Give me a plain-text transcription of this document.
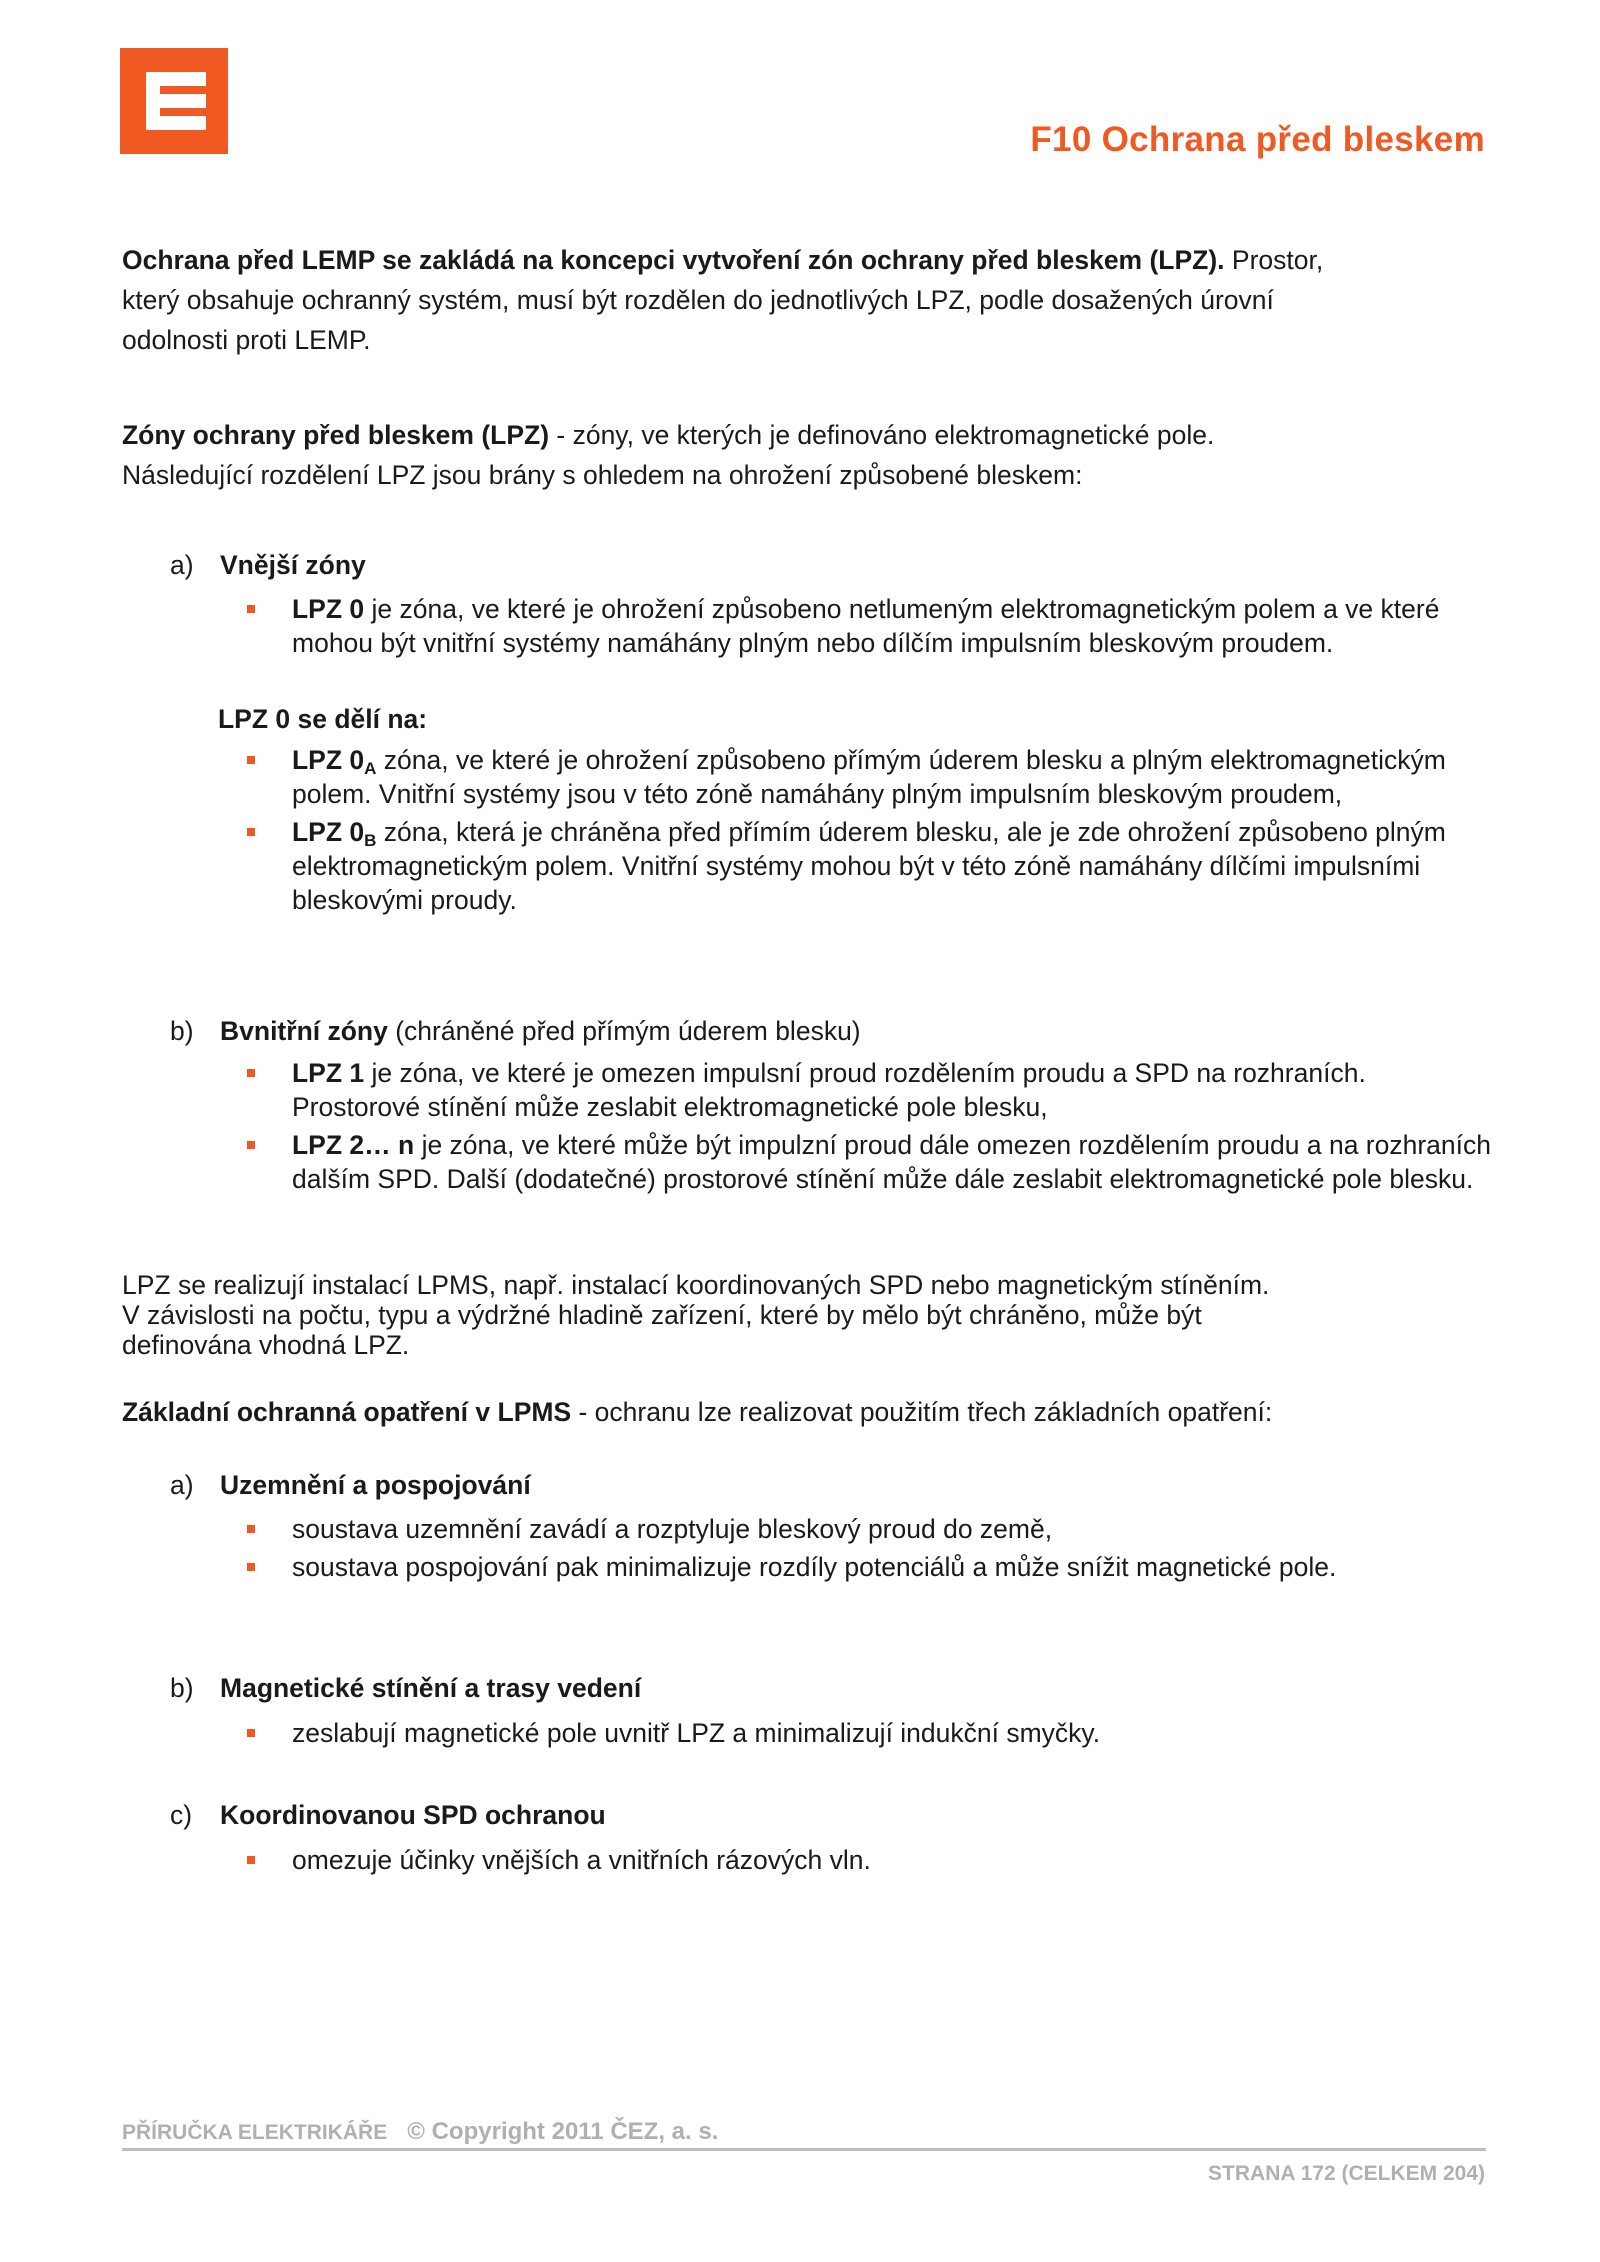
F10 Ochrana před bleskem

Ochrana před LEMP se zakládá na koncepci vytvoření zón ochrany před bleskem (LPZ). Prostor,

který obsahuje ochranný systém, musí být rozdělen do jednotlivých LPZ, podle dosažených úrovní

odolnosti proti LEMP.

Zóny ochrany před bleskem (LPZ) - zóny, ve kterých je definováno elektromagnetické pole.

Následující rozdělení LPZ jsou brány s ohledem na ohrožení způsobené bleskem:

a) Vnější zóny
LPZ 0 je zóna, ve které je ohrožení způsobeno netlumeným elektromagnetickým polem a ve které mohou být vnitřní systémy namáhány plným nebo dílčím impulsním bleskovým proudem.
LPZ 0 se dělí na:
LPZ $0_A$ zóna, ve které je ohrožení způsobeno přímým úderem blesku a plným elektromagnetickým polem. Vnitřní systémy jsou v této zóně namáhány plným impulsním bleskovým proudem,
LPZ $0_B$ zóna, která je chráněna před přímím úderem blesku, ale je zde ohrožení způsobeno plným elektromagnetickým polem. Vnitřní systémy mohou být v této zóně namáhány dílčími impulsními bleskovými proudy.
b) Bvnitřní zóny (chráněné před přímým úderem blesku)
LPZ 1 je zóna, ve které je omezen impulsní proud rozdělením proudu a SPD na rozhraních. Prostorové stínění může zeslabit elektromagnetické pole blesku,
LPZ 2… n je zóna, ve které může být impulzní proud dále omezen rozdělením proudu a na rozhraních dalším SPD. Další (dodatečné) prostorové stínění může dále zeslabit elektromagnetické pole blesku.

LPZ se realizují instalací LPMS, např. instalací koordinovaných SPD nebo magnetickým stíněním.

V závislosti na počtu, typu a výdržné hladině zařízení, které by mělo být chráněno, může být

definována vhodná LPZ.

Základní ochranná opatření v LPMS - ochranu lze realizovat použitím třech základních opatření:

a) Uzemnění a pospojování
soustava uzemnění zavádí a rozptyluje bleskový proud do země,
soustava pospojování pak minimalizuje rozdíly potenciálů a může snížit magnetické pole.
b) Magnetické stínění a trasy vedení
zeslabují magnetické pole uvnitř LPZ a minimalizují indukční smyčky.
c) Koordinovanou SPD ochranou
omezuje účinky vnějších a vnitřních rázových vln.
PŘÍRUČKA ELEKTRIKÁŘE © Copyright 2011 ČEZ, a. s.
STRANA 172 (CELKEM 204)
